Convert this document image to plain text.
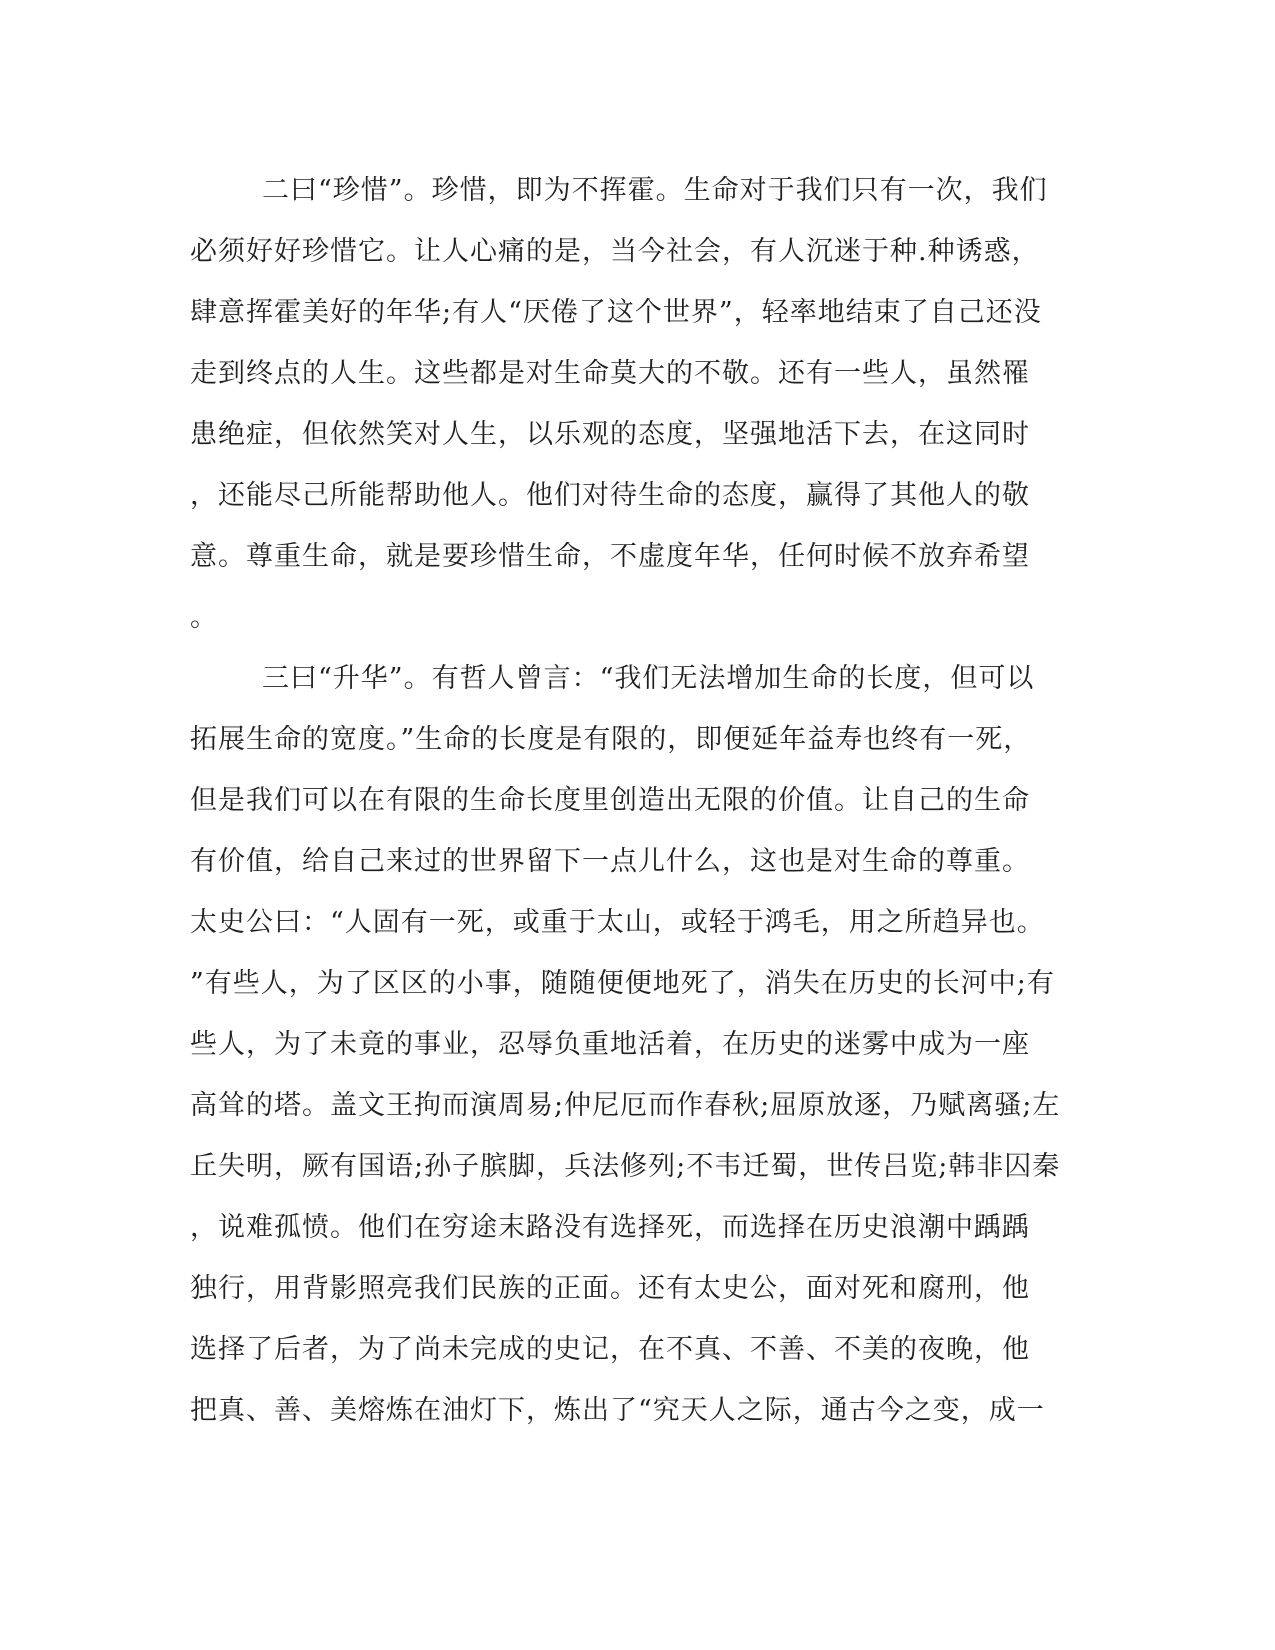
二曰“珍惜”。珍惜，即为不挥霍。生命对于我们只有一次，我们
必须好好珍惜它。让人心痛的是，当今社会，有人沉迷于种.种诱惑，
肆意挥霍美好的年华;有人“厌倦了这个世界”，轻率地结束了自己还没
走到终点的人生。这些都是对生命莫大的不敬。还有一些人，虽然罹
患绝症，但依然笑对人生，以乐观的态度，坚强地活下去，在这同时
，还能尽己所能帮助他人。他们对待生命的态度，赢得了其他人的敬
意。尊重生命，就是要珍惜生命，不虚度年华，任何时候不放弃希望
。
三曰“升华”。有哲人曾言：“我们无法增加生命的长度，但可以
拓展生命的宽度。”生命的长度是有限的，即便延年益寿也终有一死，
但是我们可以在有限的生命长度里创造出无限的价值。让自己的生命
有价值，给自己来过的世界留下一点儿什么，这也是对生命的尊重。
太史公曰：“人固有一死，或重于太山，或轻于鸿毛，用之所趋异也。
”有些人，为了区区的小事，随随便便地死了，消失在历史的长河中;有
些人，为了未竟的事业，忍辱负重地活着，在历史的迷雾中成为一座
高耸的塔。盖文王拘而演周易;仲尼厄而作春秋;屈原放逐，乃赋离骚;左
丘失明，厥有国语;孙子膑脚，兵法修列;不韦迁蜀，世传吕览;韩非囚秦
，说难孤愤。他们在穷途末路没有选择死，而选择在历史浪潮中踽踽
独行，用背影照亮我们民族的正面。还有太史公，面对死和腐刑，他
选择了后者，为了尚未完成的史记，在不真、不善、不美的夜晚，他
把真、善、美熔炼在油灯下，炼出了“究天人之际，通古今之变，成一
